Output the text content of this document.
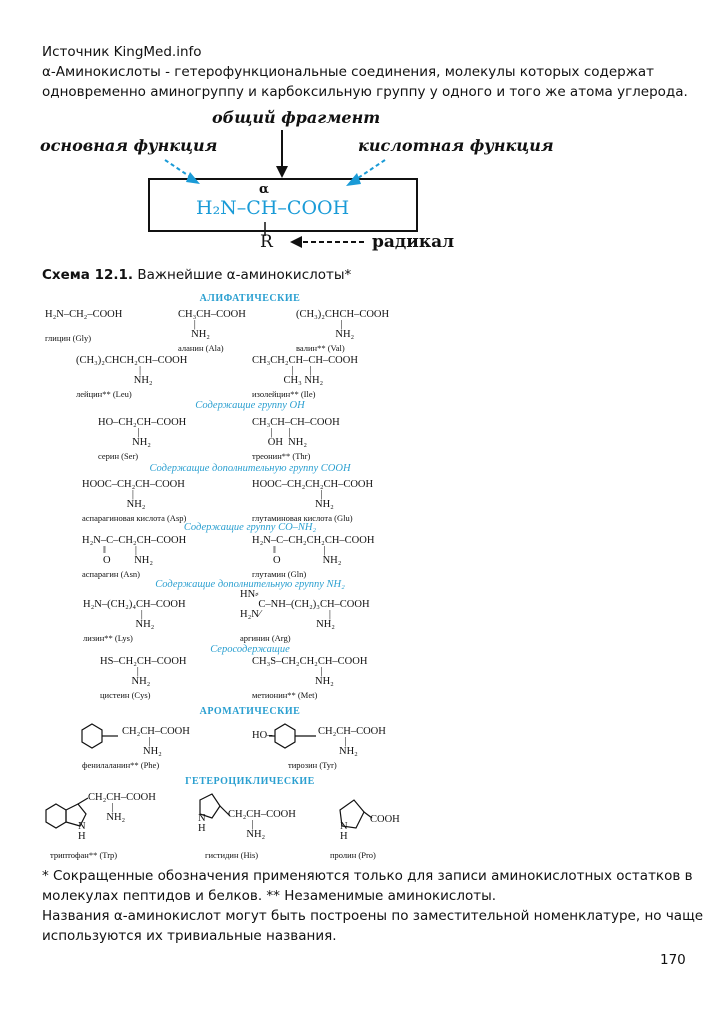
Источник KingMed.info
α-Аминокислоты - гетерофункциональные соединения, молекулы которых содержат
одновременно аминогруппу и карбоксильную группу у одного и того же атома углерода.
основная функция
общий фрагмент
кислотная функция
α
H₂N–CH–COOH
R	радикал
Схема 12.1. Важнейшие α-аминокислоты*
АЛИФАТИЧЕСКИЕ
Содержащие группу ОН
Содержащие дополнительную группу СООН
Содержащие группу CO–NH₂
Содержащие дополнительную группу NH₂
Серосодержащие
АРОМАТИЧЕСКИЕ
ГЕТЕРОЦИКЛИЧЕСКИЕ
H₂N–CH₂–COOH

глицин (Gly)
CH₃CH–COOH
|
NH₂
аланин (Ala)
(CH₃)₂CHCH–COOH
|
NH₂
валин** (Val)
(CH₃)₂CHCH₂CH–COOH
|
NH₂
лейцин** (Leu)
CH₃CH₂CH–CH–COOH
|      |
CH₃ NH₂
изолейцин** (Ile)
HO–CH₂CH–COOH
|
NH₂
серин (Ser)
CH₃CH–CH–COOH
|      |
OH  NH₂
треонин** (Thr)
HOOC–CH₂CH–COOH
|
NH₂
аспарагиновая кислота (Asp)
HOOC–CH₂CH₂CH–COOH
|
NH₂
глутаминовая кислота (Glu)
H₂N–C–CH₂CH–COOH
‖           |
O         NH₂
аспарагин (Asn)
H₂N–C–CH₂CH₂CH–COOH
‖                  |
O                NH₂
глутамин (Gln)
H₂N–(CH₂)₄CH–COOH
|
NH₂
лизин** (Lys)
HN⸗
C–NH–(CH₂)₃CH–COOH
H₂N⁄                          |
NH₂
аргинин (Arg)
HS–CH₂CH–COOH
|
NH₂
цистеин (Cys)
CH₃S–CH₂CH₂CH–COOH
|
NH₂
метионин** (Met)
CH₂CH–COOH
|
NH₂
фенилаланин** (Phe)
HO–	CH₂CH–COOH
|
NH₂
тирозин (Tyr)
CH₂CH–COOH
|
NH₂
N
H
триптофан** (Trp)
CH₂CH–COOH
|
NH₂
N
H
гистидин (His)
COOH
N
H
пролин (Pro)
* Сокращенные обозначения применяются только для записи аминокислотных остатков в
молекулах пептидов и белков. ** Незаменимые аминокислоты.
Названия α-аминокислот могут быть построены по заместительной номенклатуре, но чаще
используются их тривиальные названия.
170
